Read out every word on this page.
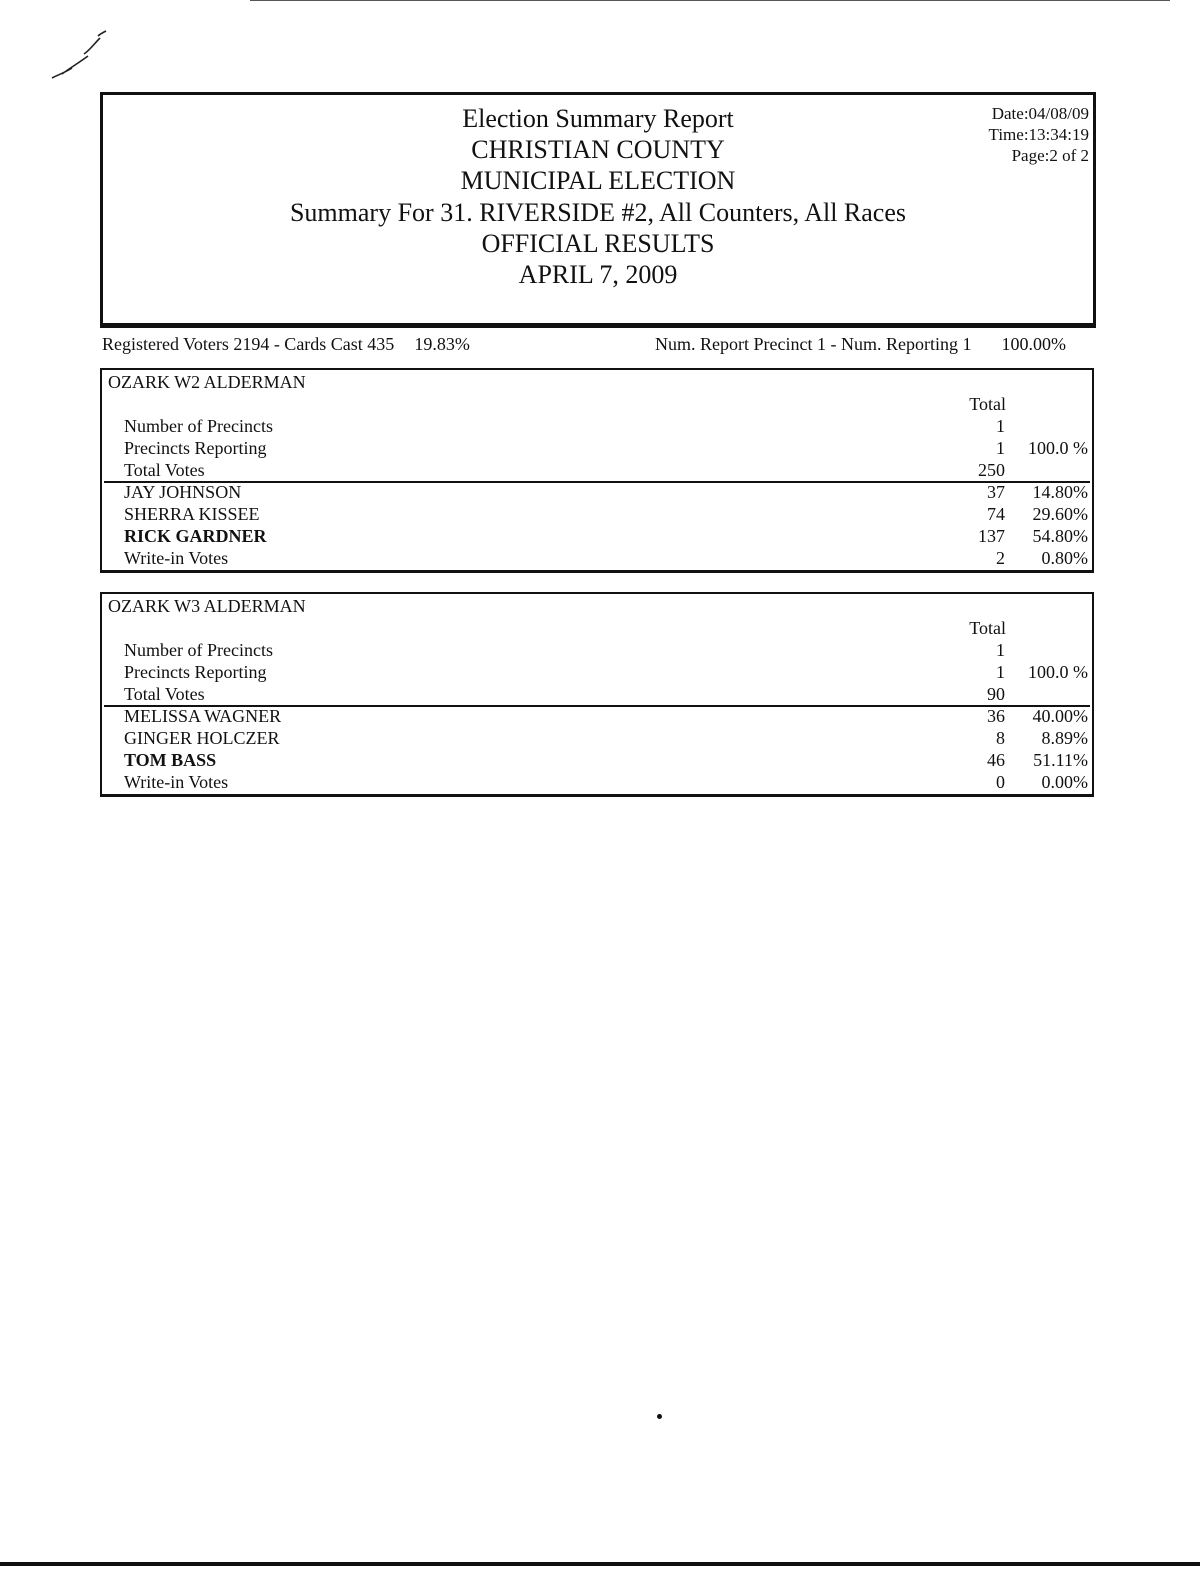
Election Summary Report
CHRISTIAN COUNTY
MUNICIPAL ELECTION
Summary For 31. RIVERSIDE #2, All Counters, All Races
OFFICIAL RESULTS
APRIL 7, 2009
Date:04/08/09
Time:13:34:19
Page:2 of 2
Registered Voters 2194 - Cards Cast 435 19.83%	Num. Report Precinct 1 - Num. Reporting 1 100.00%
OZARK W2 ALDERMAN
Total
Number of Precincts	1
Precincts Reporting	1 100.0 %
Total Votes	250
JAY JOHNSON	37 14.80%
SHERRA KISSEE	74 29.60%
RICK GARDNER	137 54.80%
Write-in Votes	2 0.80%
OZARK W3 ALDERMAN
Total
Number of Precincts	1
Precincts Reporting	1 100.0 %
Total Votes	90
MELISSA WAGNER	36 40.00%
GINGER HOLCZER	8 8.89%
TOM BASS	46 51.11%
Write-in Votes	0 0.00%
